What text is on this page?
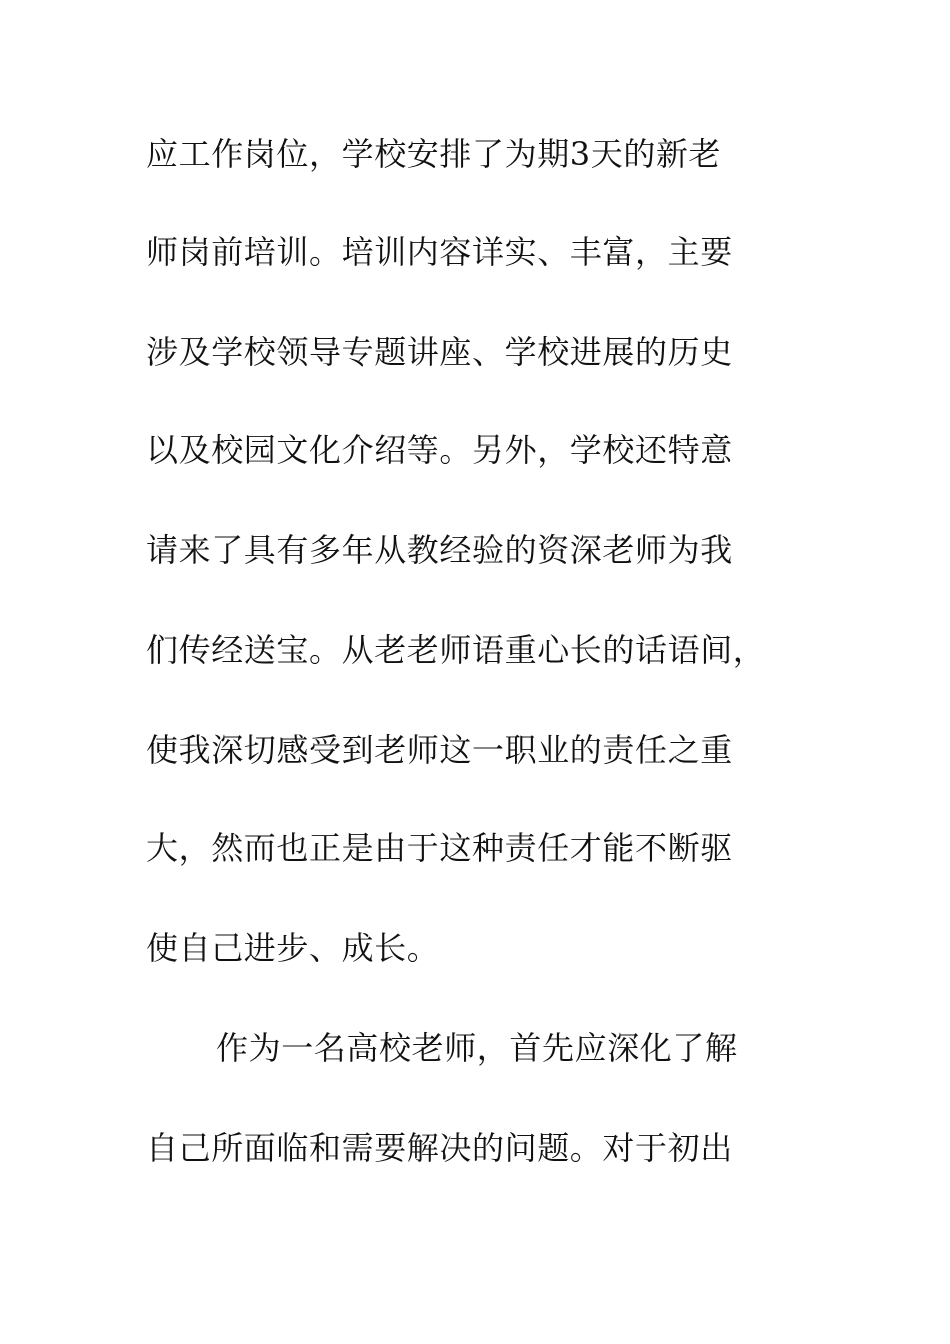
应工作岗位，学校安排了为期3天的新老
师岗前培训。培训内容详实、丰富，主要
涉及学校领导专题讲座、学校进展的历史
以及校园文化介绍等。另外，学校还特意
请来了具有多年从教经验的资深老师为我
们传经送宝。从老老师语重心长的话语间，
使我深切感受到老师这一职业的责任之重
大，然而也正是由于这种责任才能不断驱
使自己进步、成长。
作为一名高校老师，首先应深化了解
自己所面临和需要解决的问题。对于初出
